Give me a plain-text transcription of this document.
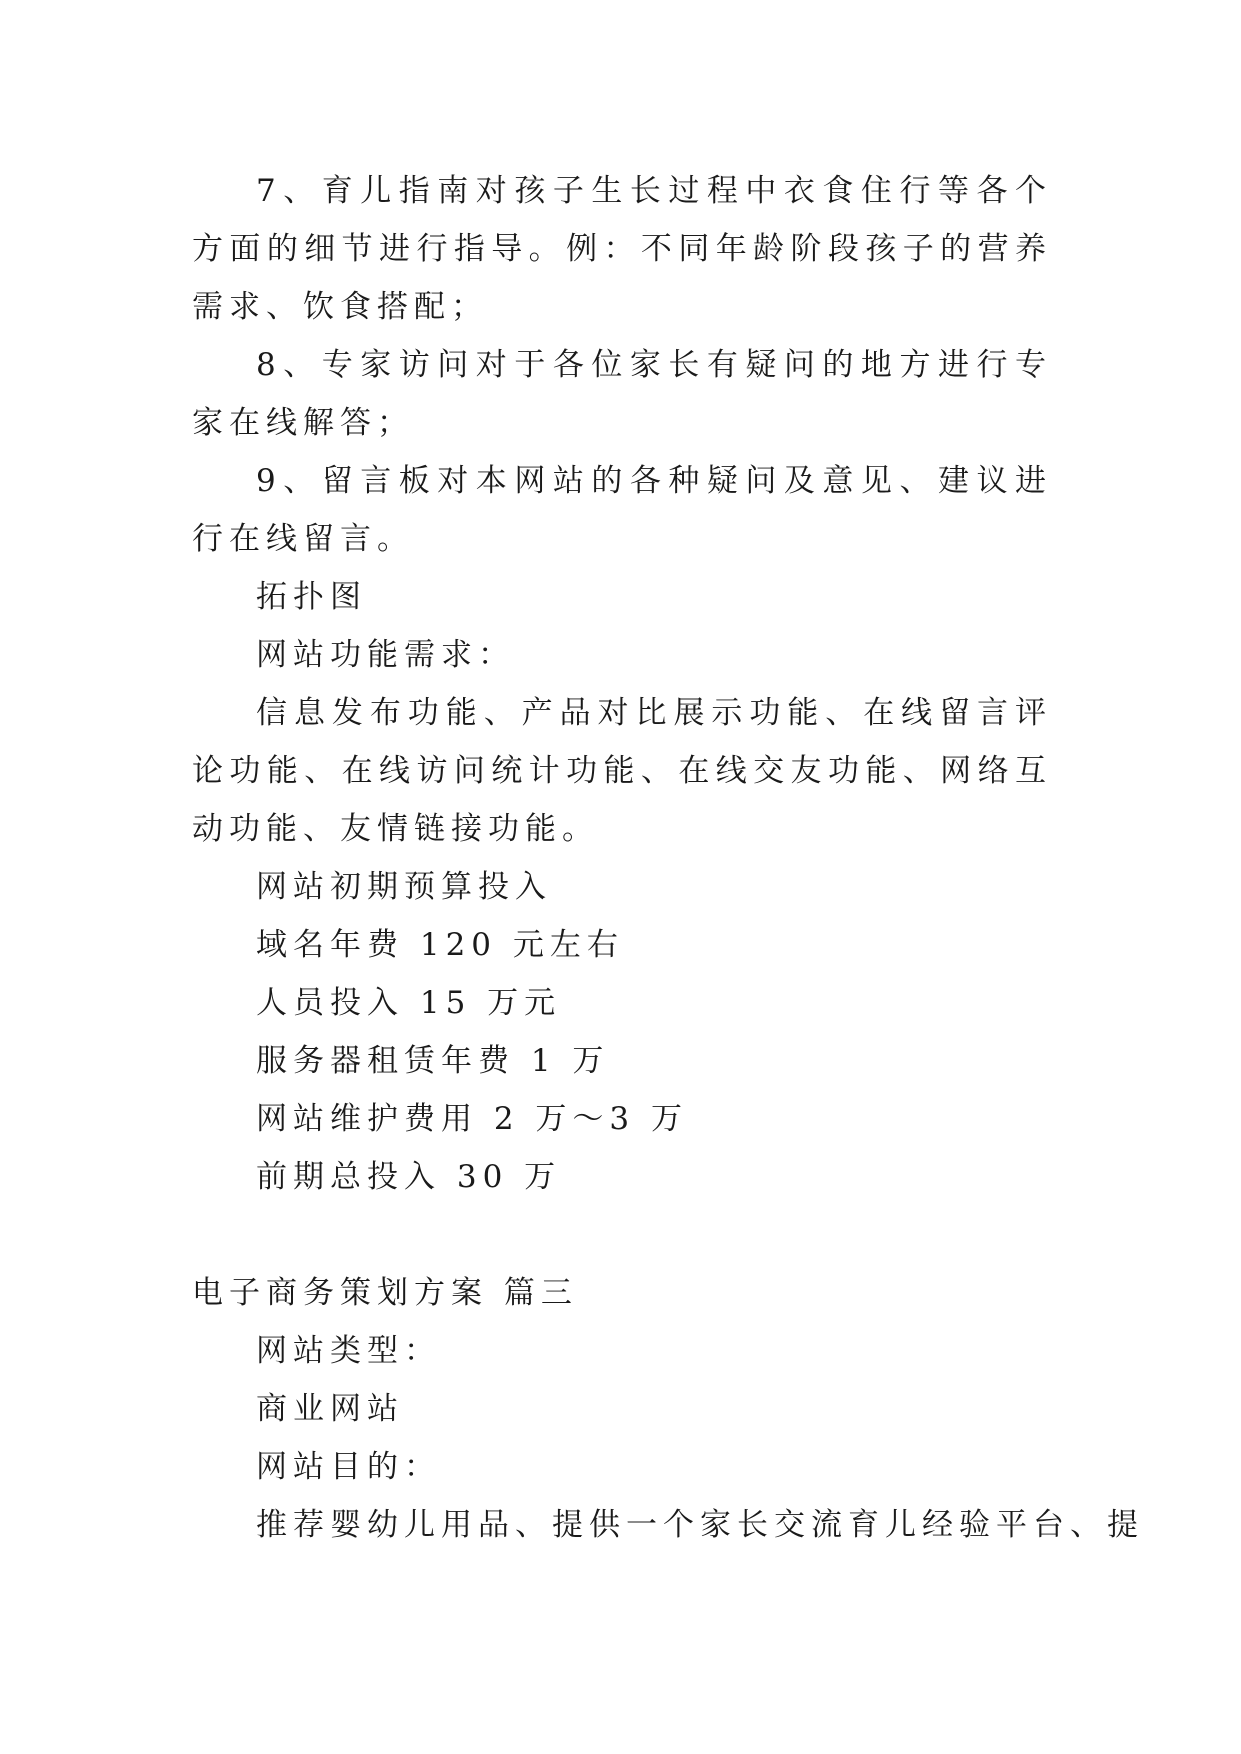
7、育儿指南对孩子生长过程中衣食住行等各个方面的细节进行指导。例：不同年龄阶段孩子的营养需求、饮食搭配；

8、专家访问对于各位家长有疑问的地方进行专家在线解答；

9、留言板对本网站的各种疑问及意见、建议进行在线留言。

拓扑图

网站功能需求：

信息发布功能、产品对比展示功能、在线留言评论功能、在线访问统计功能、在线交友功能、网络互动功能、友情链接功能。

网站初期预算投入

域名年费 120 元左右

人员投入 15 万元

服务器租赁年费 1 万

网站维护费用 2 万～3 万

前期总投入 30 万

电子商务策划方案 篇三

网站类型：

商业网站

网站目的：

推荐婴幼儿用品、提供一个家长交流育儿经验平台、提
